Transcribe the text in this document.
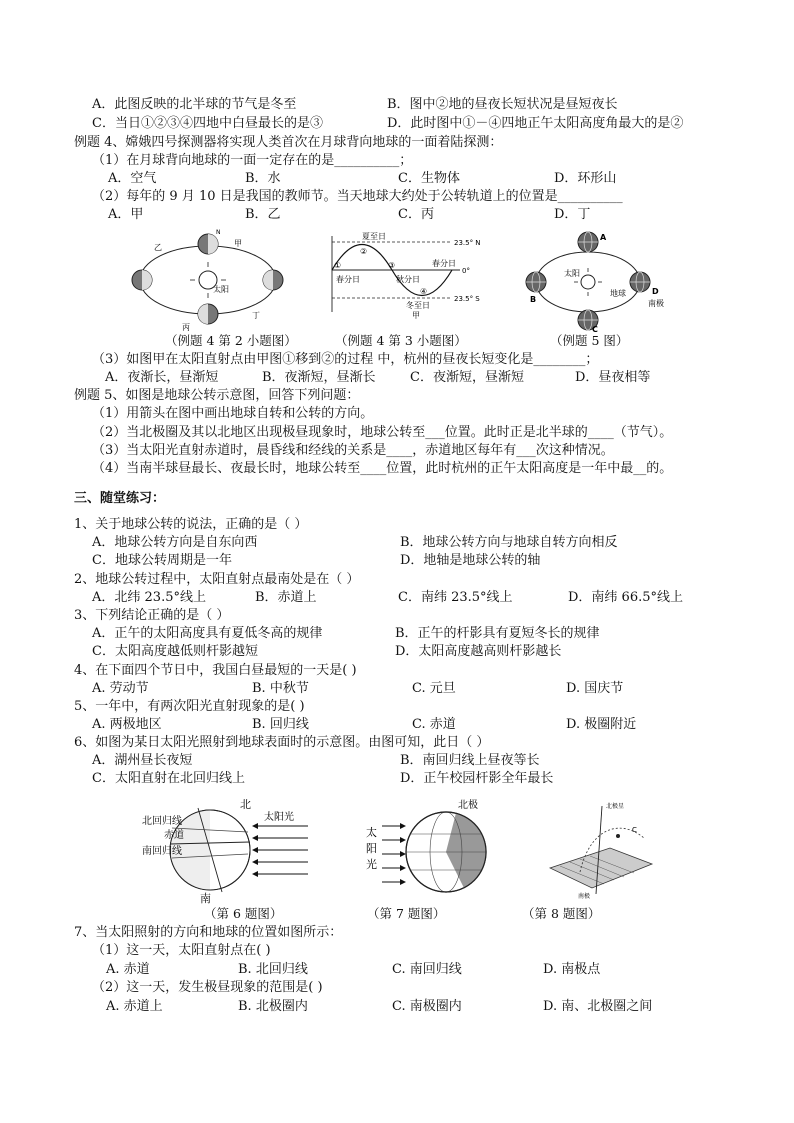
A．此图反映的北半球的节气是冬至	B．图中②地的昼夜长短状况是昼短夜长
C．当日①②③④四地中白昼最长的是③	D．此时图中①－④四地正午太阳高度角最大的是②
例题 4、嫦娥四号探测器将实现人类首次在月球背向地球的一面着陆探测：
（1）在月球背向地球的一面一定存在的是__________；
A．空气	B．水	C．生物体	D．环形山
（2）每年的 9 月 10 日是我国的教师节。当天地球大约处于公转轨道上的位置是__________
A．甲	B．乙	C．丙	D．丁
太阳
甲
乙
丙
丁
N	夏至日
春分日	秋分日
春分日
冬至日
甲
23.5° N
0°
23.5° S
①
②
③
④
太阳
A
B
C
D
地球
南极
（例题 4 第 2 小题图）	（例题 4 第 3 小题图）	（例题 5 图）
（3）如图甲在太阳直射点由甲图①移到②的过程 中，杭州的昼夜长短变化是________；
A．夜渐长，昼渐短	B．夜渐短，昼渐长	C．夜渐短，昼渐短	D．昼夜相等
例题 5、如图是地球公转示意图，回答下列问题：
（1）用箭头在图中画出地球自转和公转的方向。
（2）当北极圈及其以北地区出现极昼现象时，地球公转至___位置。此时正是北半球的____（节气）。
（3）当太阳光直射赤道时，晨昏线和经线的关系是____，赤道地区每年有___次这种情况。
（4）当南半球昼最长、夜最长时，地球公转至____位置，此时杭州的正午太阳高度是一年中最__的。
三、随堂练习：
1、关于地球公转的说法，正确的是（ ）
A．地球公转方向是自东向西	B．地球公转方向与地球自转方向相反
C．地球公转周期是一年	D．地轴是地球公转的轴
2、地球公转过程中，太阳直射点最南处是在（ ）
A．北纬 23.5°线上	B．赤道上	C．南纬 23.5°线上	D．南纬 66.5°线上
3、下列结论正确的是（ ）
A．正午的太阳高度具有夏低冬高的规律	B．正午的杆影具有夏短冬长的规律
C．太阳高度越低则杆影越短	D．太阳高度越高则杆影越长
4、在下面四个节日中，我国白昼最短的一天是( )
A. 劳动节	B. 中秋节	C. 元旦	D. 国庆节
5、一年中，有两次阳光直射现象的是( )
A. 两极地区	B. 回归线	C. 赤道	D. 极圈附近
6、如图为某日太阳光照射到地球表面时的示意图。由图可知，此日（ ）
A．湖州昼长夜短	B．南回归线上昼夜等长
C．太阳直射在北回归线上	D．正午校园杆影全年最长
北
南
太阳光
北回归线
赤道
南回归线
北极
太
阳
光
北极星
南极
C
（第 6 题图）	（第 7 题图）	（第 8 题图）
7、当太阳照射的方向和地球的位置如图所示：
（1）这一天，太阳直射点在( )
A. 赤道	B. 北回归线	C. 南回归线	D. 南极点
（2）这一天，发生极昼现象的范围是( )
A. 赤道上	B. 北极圈内	C. 南极圈内	D. 南、北极圈之间
